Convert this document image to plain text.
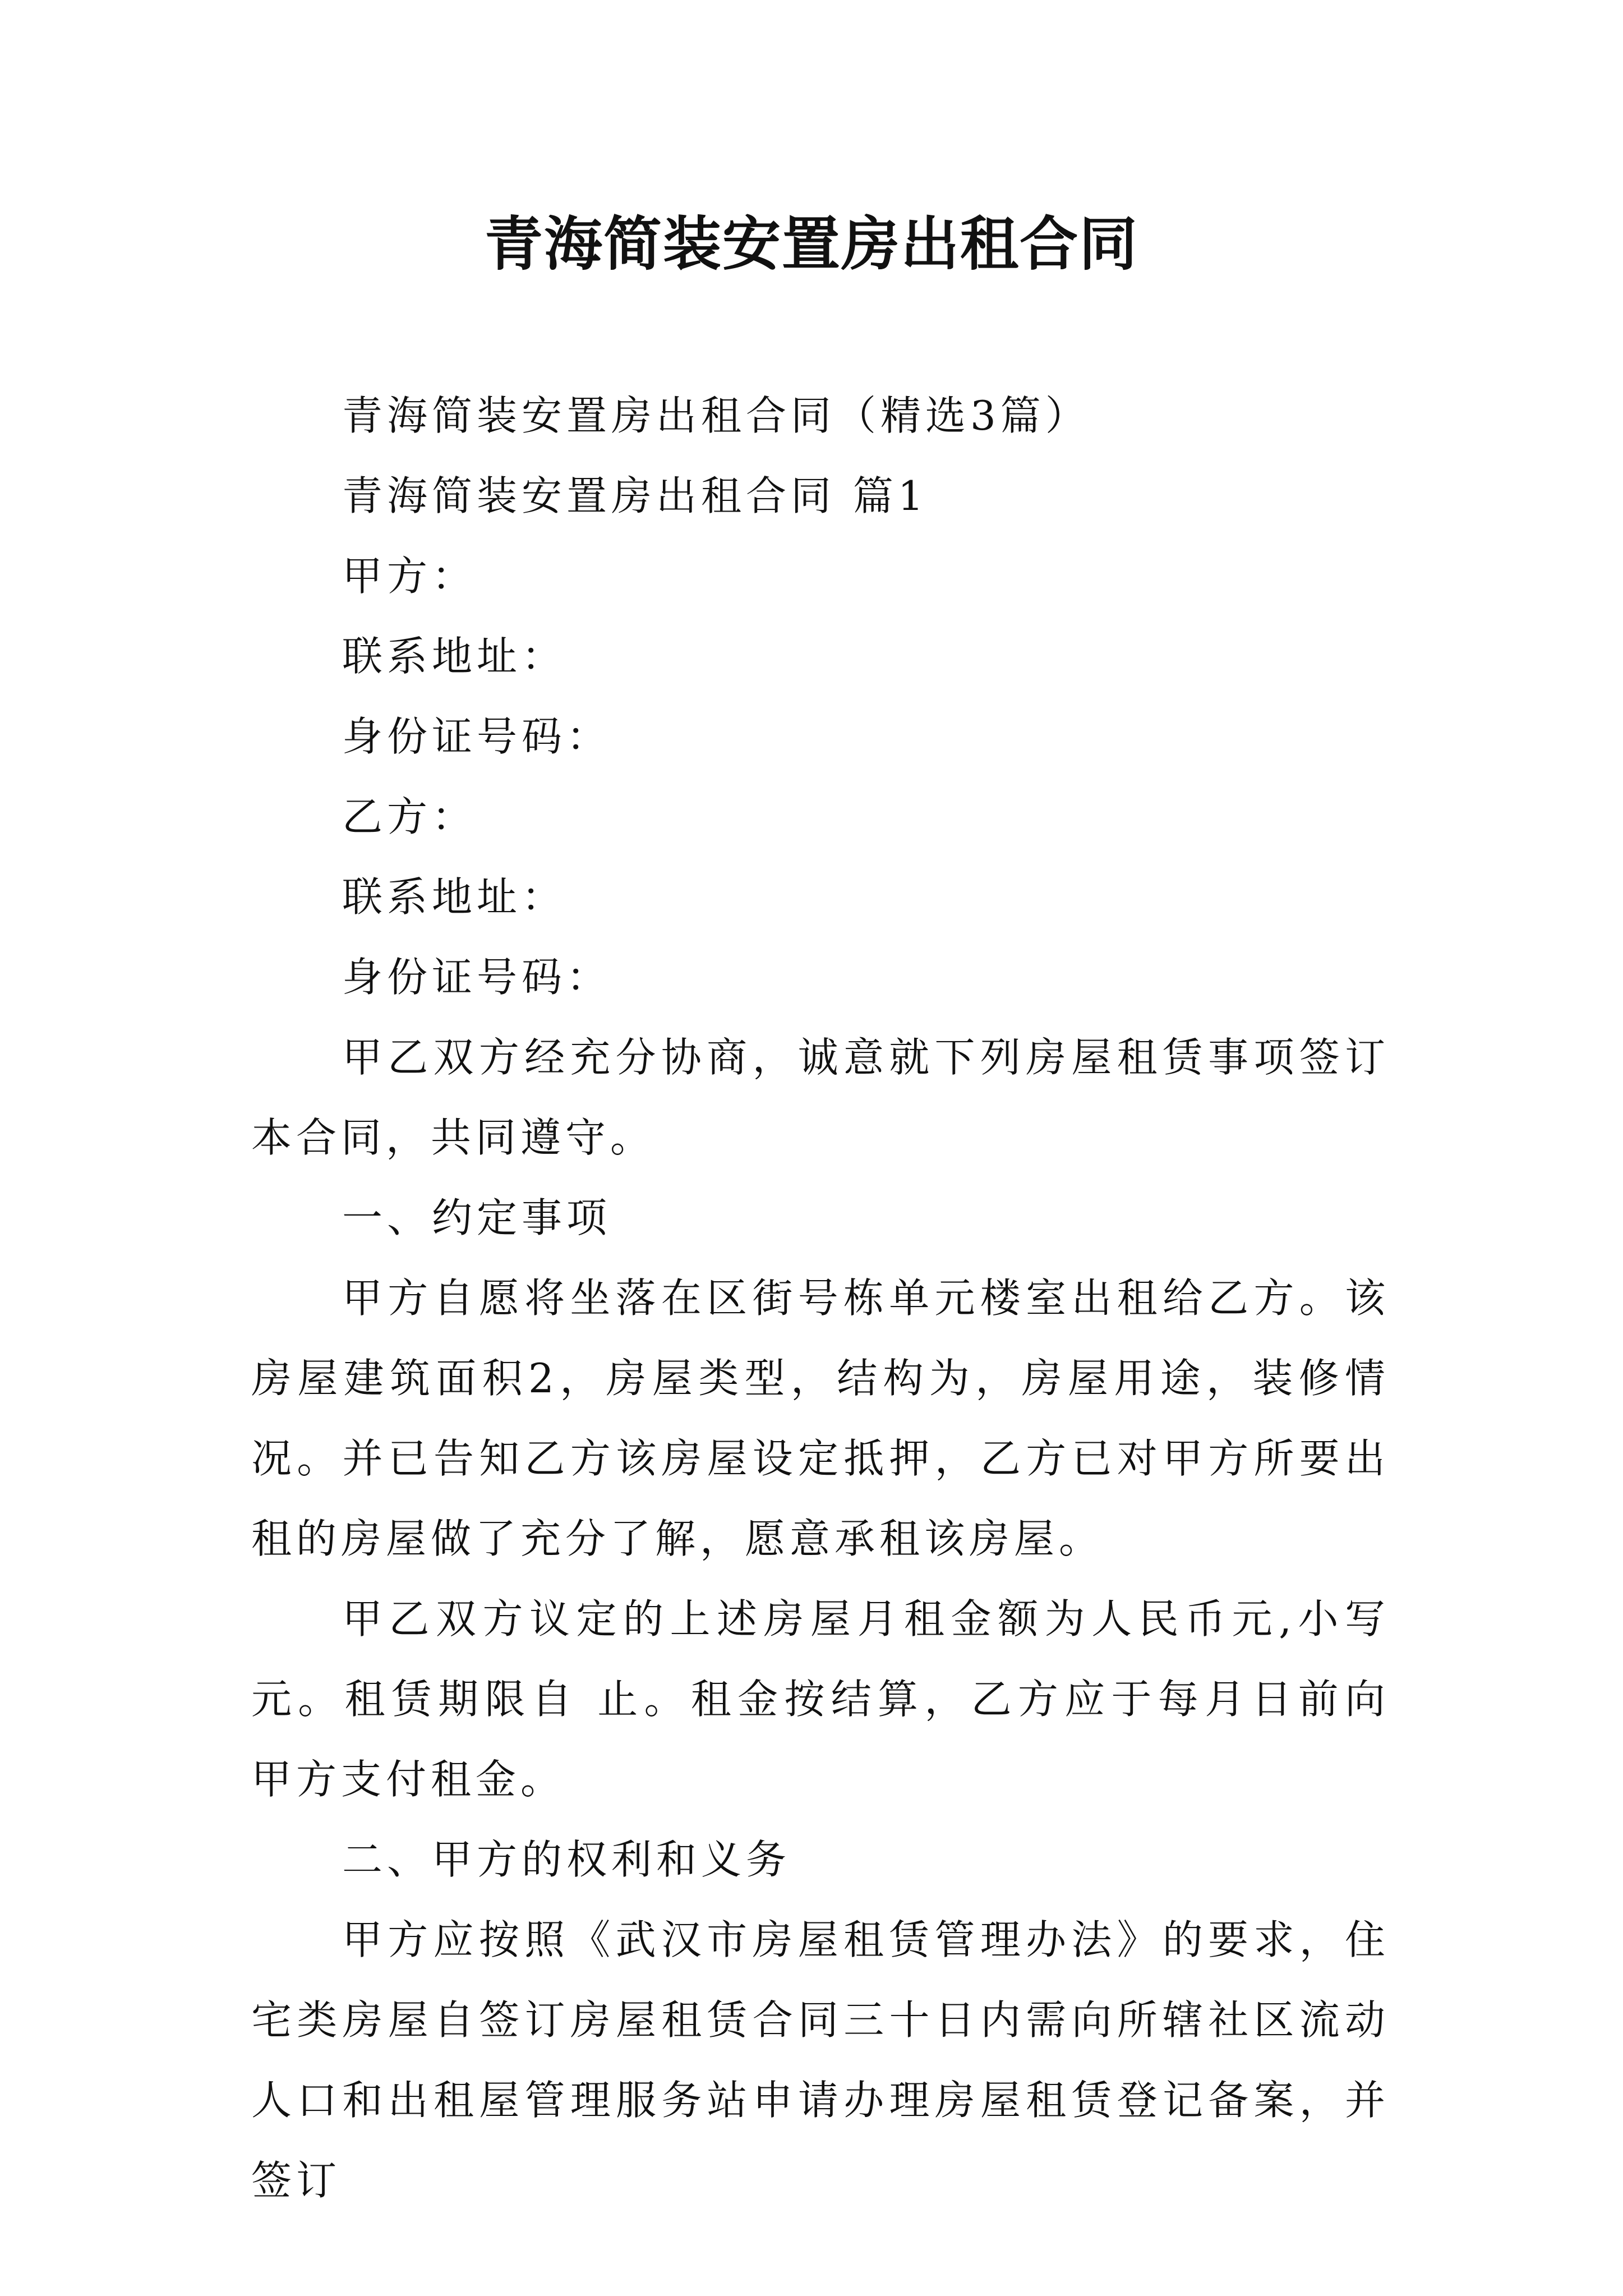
青海简装安置房出租合同

青海简装安置房出租合同（精选3篇）

青海简装安置房出租合同 篇1

甲方：

联系地址：

身份证号码：

乙方：

联系地址：

身份证号码：

甲乙双方经充分协商，诚意就下列房屋租赁事项签订本合同，共同遵守。

一、约定事项

甲方自愿将坐落在区街号栋单元楼室出租给乙方。该房屋建筑面积2，房屋类型，结构为，房屋用途，装修情况。并已告知乙方该房屋设定抵押，乙方已对甲方所要出租的房屋做了充分了解，愿意承租该房屋。

甲乙双方议定的上述房屋月租金额为人民币元,小写元。租赁期限自 止。租金按结算，乙方应于每月日前向甲方支付租金。

二、甲方的权利和义务

甲方应按照《武汉市房屋租赁管理办法》的要求，住宅类房屋自签订房屋租赁合同三十日内需向所辖社区流动人口和出租屋管理服务站申请办理房屋租赁登记备案，并签订
